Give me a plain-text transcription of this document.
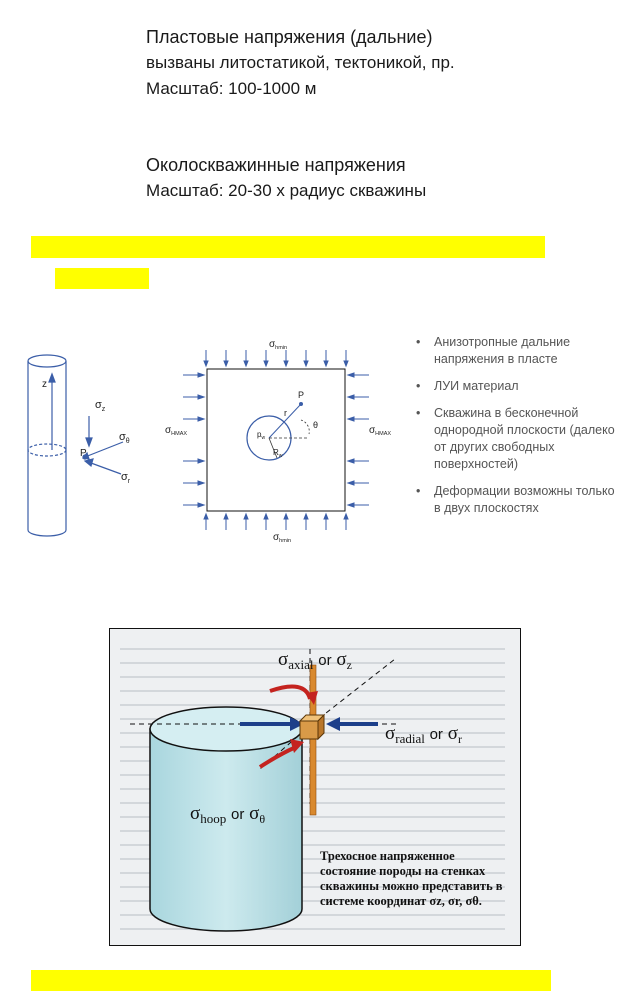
Пластовые напряжения (дальние)
вызваны литостатикой, тектоникой, пр.
Масштаб: 100-1000 м
Околоскважинные напряжения
Масштаб: 20-30 х радиус скважины
z
$\sigma_z$
$\sigma_\theta$
$\sigma_r$
P
$\sigma_{hmin}$
$\sigma_{hmin}$
$\sigma_{HMAX}$	$\sigma_{HMAX}$
P
r
θ
$p_w$
$R_w$
• Анизотропные дальние напряжения в пласте
• ЛУИ материал
• Скважина в бесконечной однородной плоскости (далеко от других свободных поверхностей)
• Деформации возможны только в двух плоскостях
$\sigma_{axial}$ or $\sigma_z$
$\sigma_{radial}$ or $\sigma_r$
$\sigma_{hoop}$ or $\sigma_\theta$
Трехосное напряженное состояние породы на стенках скважины можно представить в системе координат σz, σr, σθ.
